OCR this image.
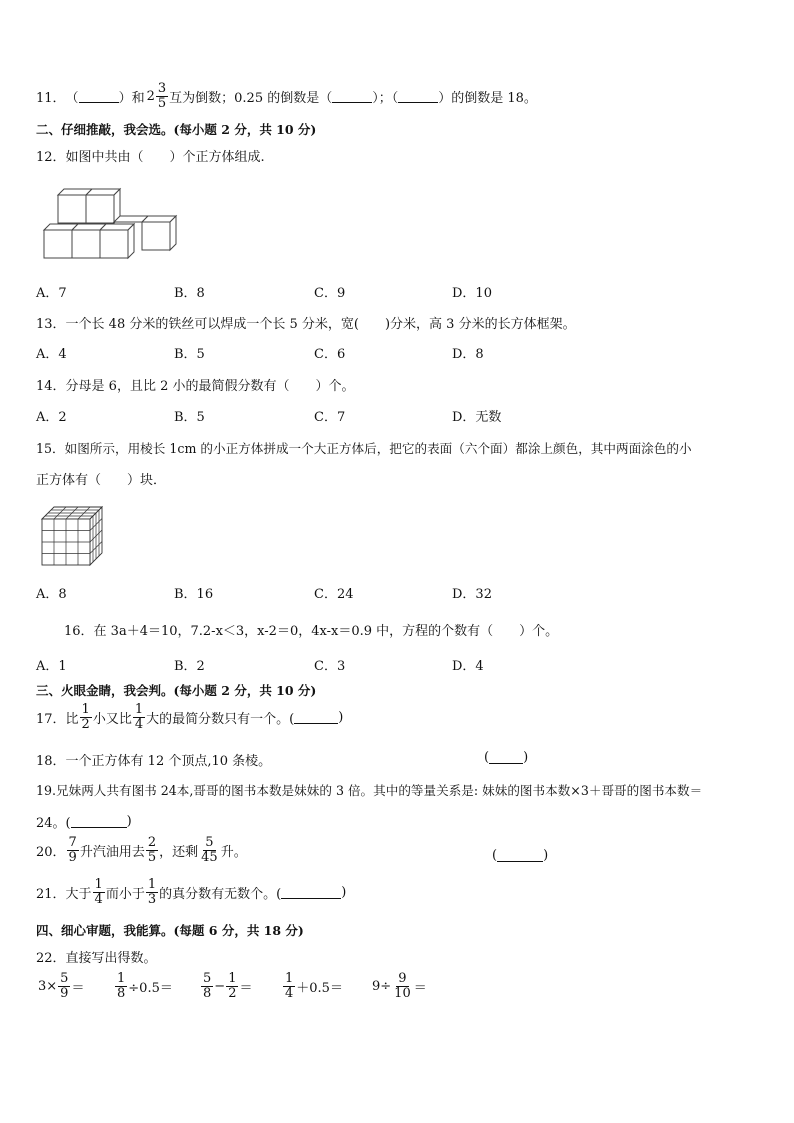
11． （	）和 $2 \frac{3}{5}$ 互为倒数；0.25 的倒数是（	）；（	）的倒数是 18。
二、仔细推敲，我会选。(每小题 2 分，共 10 分)
12．如图中共由（　　）个正方体组成.
A．7	B．8	C．9	D．10
13．一个长 48 分米的铁丝可以焊成一个长 5 分米，宽(　　)分米，高 3 分米的长方体框架。
A．4	B．5	C．6	D．8
14．分母是 6，且比 2 小的最简假分数有（　　）个。
A．2	B．5	C．7	D．无数
15．如图所示，用棱长 1cm 的小正方体拼成一个大正方体后，把它的表面（六个面）都涂上颜色，其中两面涂色的小
正方体有（　　）块．
A．8	B．16	C．24	D．32
16．在 3a＋4＝10，7.2-x＜3，x-2＝0，4x-x＝0.9 中，方程的个数有（　　）个。
A．1	B．2	C．3	D．4
三、火眼金睛，我会判。(每小题 2 分，共 10 分)
17．比 $\frac{1}{2}$ 小又比 $\frac{1}{4}$ 大的最简分数只有一个。(	)
18．一个正方体有 12 个顶点,10 条棱。	(	)
19.兄妹两人共有图书 24本,哥哥的图书本数是妹妹的 3 倍。其中的等量关系是: 妹妹的图书本数×3＋哥哥的图书本数＝
24。(	)
20． $\frac{7}{9}$ 升汽油用去 $\frac{2}{5}$ ，还剩 $\frac{5}{45}$ 升。	(	)
21．大于 $\frac{1}{4}$ 而小于 $\frac{1}{3}$ 的真分数有无数个。(	)
四、细心审题，我能算。(每题 6 分，共 18 分)
22．直接写出得数。
$3\times \frac{5}{9} = \frac{1}{8} \div 0.5= \frac{5}{8} - \frac{1}{2} = \frac{1}{4} +0.5= 9\div \frac{9}{10}$ ＝
